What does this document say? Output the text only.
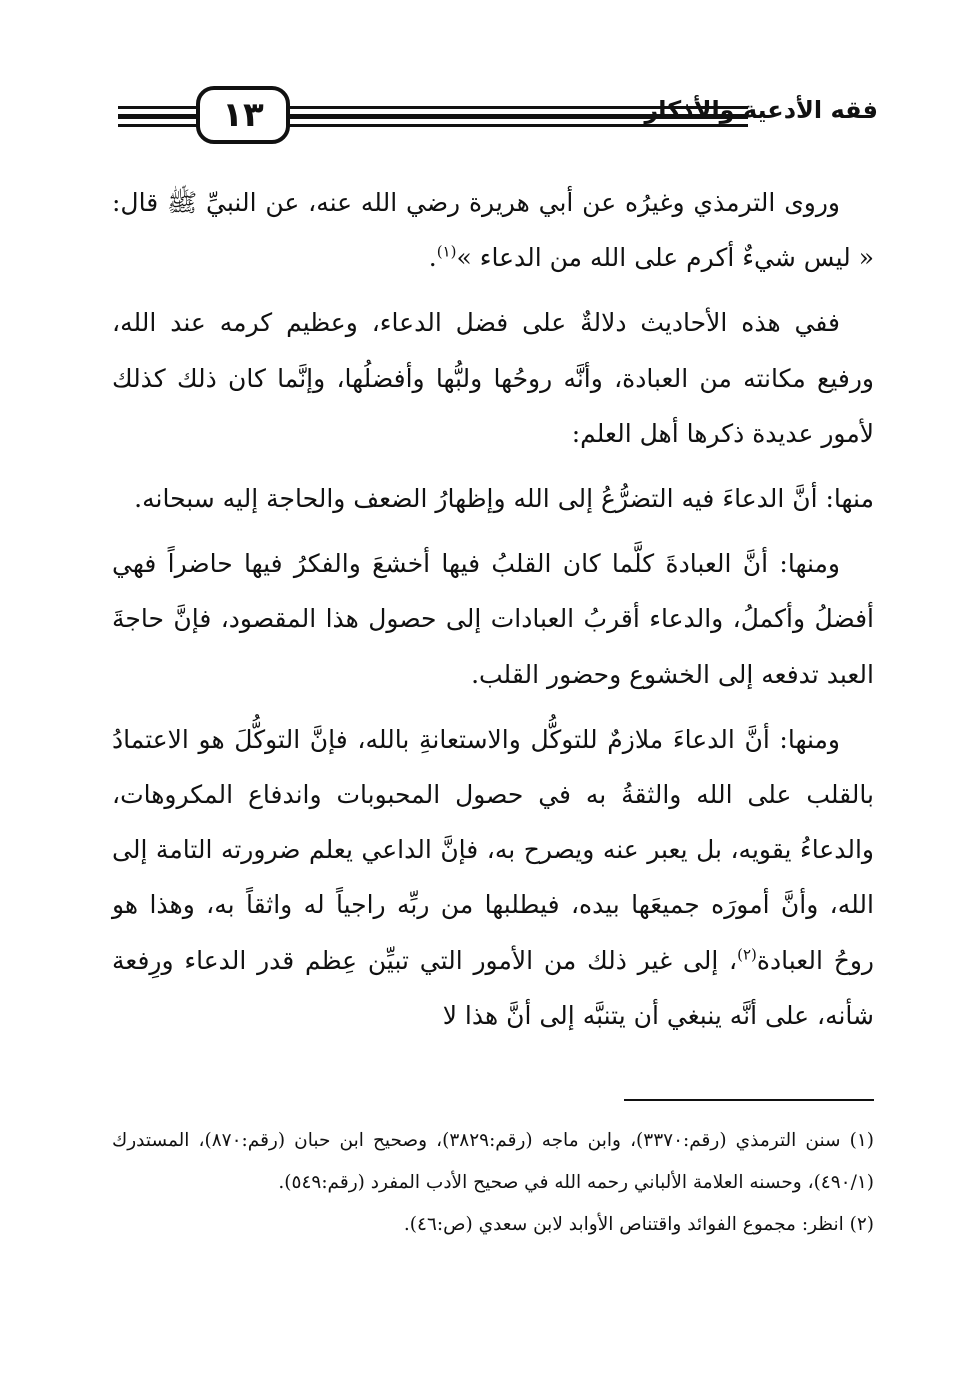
١٣	فقه الأدعية والأذكار

وروى الترمذي وغيرُه عن أبي هريرة رضي الله عنه، عن النبيِّ ﷺ قال: « ليس شيءٌ أكرم على الله من الدعاء »$^{(١)}$.

ففي هذه الأحاديث دلالةٌ على فضل الدعاء، وعظيم كرمه عند الله، ورفيع مكانته من العبادة، وأنَّه روحُها ولبُّها وأفضلُها، وإنَّما كان ذلك كذلك لأمور عديدة ذكرها أهل العلم:

منها: أنَّ الدعاءَ فيه التضرُّعُ إلى الله وإظهارُ الضعف والحاجة إليه سبحانه.

ومنها: أنَّ العبادةَ كلَّما كان القلبُ فيها أخشعَ والفكرُ فيها حاضراً فهي أفضلُ وأكملُ، والدعاء أقربُ العبادات إلى حصول هذا المقصود، فإنَّ حاجةَ العبد تدفعه إلى الخشوع وحضور القلب.

ومنها: أنَّ الدعاءَ ملازمٌ للتوكُّل والاستعانةِ بالله، فإنَّ التوكُّلَ هو الاعتمادُ بالقلب على الله والثقةُ به في حصول المحبوبات واندفاع المكروهات، والدعاءُ يقويه، بل يعبر عنه ويصرح به، فإنَّ الداعي يعلم ضرورته التامة إلى الله، وأنَّ أمورَه جميعَها بيده، فيطلبها من ربِّه راجياً له واثقاً به، وهذا هو روحُ العبادة$^{(٢)}$، إلى غير ذلك من الأمور التي تبيِّن عِظم قدر الدعاء ورِفعة شأنه، على أنَّه ينبغي أن يتنبَّه إلى أنَّ هذا لا

(١) سنن الترمذي (رقم:٣٣٧٠)، وابن ماجه (رقم:٣٨٢٩)، وصحيح ابن حبان (رقم:٨٧٠)، المستدرك (٤٩٠/١)، وحسنه العلامة الألباني رحمه الله في صحيح الأدب المفرد (رقم:٥٤٩).

(٢) انظر: مجموع الفوائد واقتناص الأوابد لابن سعدي (ص:٤٦).
